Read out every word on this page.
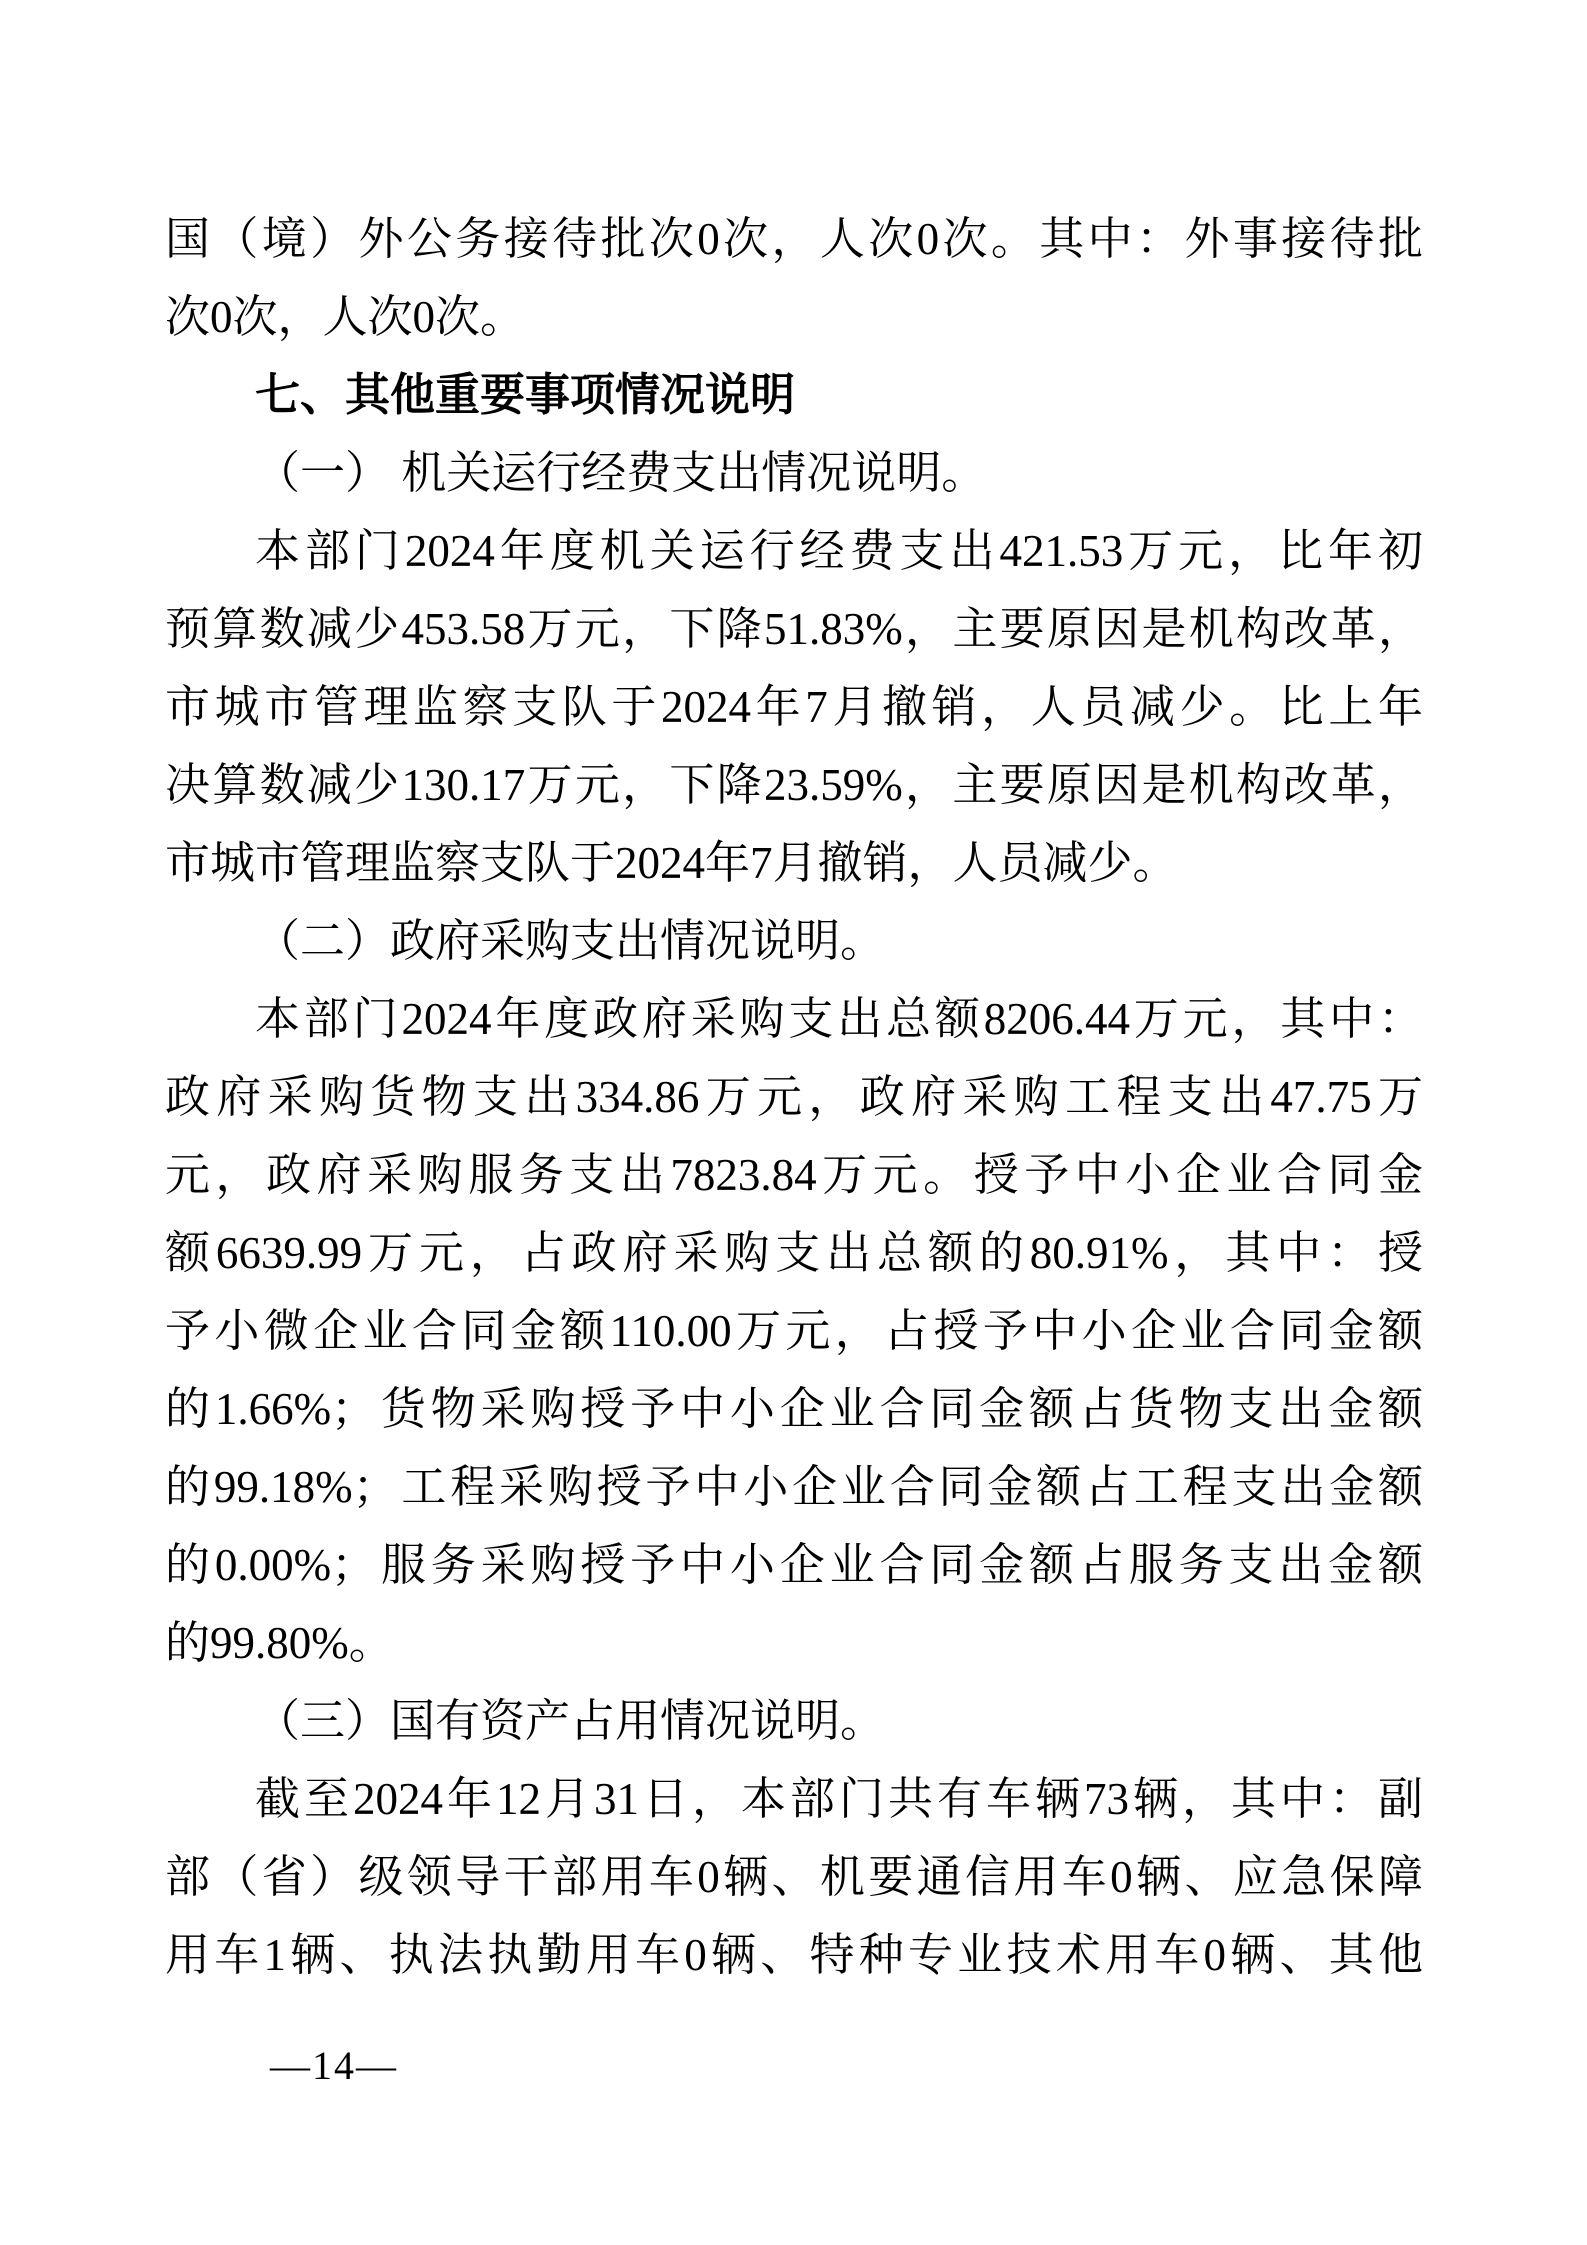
国（境）外公务接待批次0次，人次0次。其中：外事接待批
次0次，人次0次。
七、其他重要事项情况说明
（一） 机关运行经费支出情况说明。
本部门2024年度机关运行经费支出421.53万元，比年初
预算数减少453.58万元，下降51.83%，主要原因是机构改革，
市城市管理监察支队于2024年7月撤销，人员减少。比上年
决算数减少130.17万元，下降23.59%，主要原因是机构改革，
市城市管理监察支队于2024年7月撤销，人员减少。
（二）政府采购支出情况说明。
本部门2024年度政府采购支出总额8206.44万元，其中：
政府采购货物支出334.86万元，政府采购工程支出47.75万
元，政府采购服务支出7823.84万元。授予中小企业合同金
额6639.99万元，占政府采购支出总额的80.91%，其中：授
予小微企业合同金额110.00万元，占授予中小企业合同金额
的1.66%；货物采购授予中小企业合同金额占货物支出金额
的99.18%；工程采购授予中小企业合同金额占工程支出金额
的0.00%；服务采购授予中小企业合同金额占服务支出金额
的99.80%。
（三）国有资产占用情况说明。
截至2024年12月31日，本部门共有车辆73辆，其中：副
部（省）级领导干部用车0辆、机要通信用车0辆、应急保障
用车1辆、执法执勤用车0辆、特种专业技术用车0辆、其他
—14—
